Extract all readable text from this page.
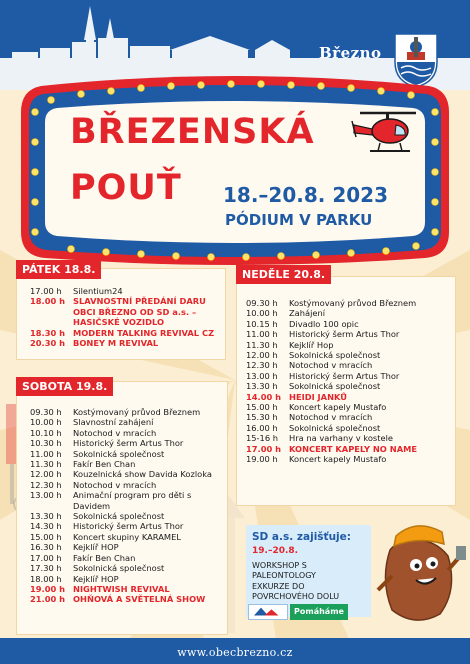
Březno
BŘEZENSKÁ
POUŤ 18.–20.8. 2023
PÓDIUM V PARKU
PÁTEK 18.8.
17.00 h	Silentium24
18.00 h SLAVNOSTNÍ PŘEDÁNÍ DARU OBCI BŘEZNO OD SD a.s. – HASIČSKÉ VOZIDLO
18.30 h MODERN TALKING REVIVAL CZ
20.30 h BONEY M REVIVAL
SOBOTA 19.8.
09.30 h	Kostýmovaný průvod Březnem
10.00 h	Slavnostní zahájení
10.10 h	Notochod v mracích
10.30 h	Historický šerm Artus Thor
11.00 h	Sokolnická společnost
11.30 h	Fakír Ben Chan
12.00 h	Kouzelnická show Davida Kozloka
12.30 h	Notochod v mracích
13.00 h	Animační program pro děti s Davidem
13.30 h	Sokolnická společnost
14.30 h	Historický šerm Artus Thor
15.00 h	Koncert skupiny KARAMEL
16.30 h	Kejklíř HOP
17.00 h	Fakír Ben Chan
17.30 h	Sokolnická společnost
18.00 h	Kejklíř HOP
19.00 h NIGHTWISH REVIVAL
21.00 h OHŇOVÁ A SVĚTELNÁ SHOW
NEDĚLE 20.8.
09.30 h	Kostýmovaný průvod Březnem
10.00 h	Zahájení
10.15 h	Divadlo 100 opic
11.00 h	Historický šerm Artus Thor
11.30 h	Kejklíř Hop
12.00 h	Sokolnická společnost
12.30 h	Notochod v mracích
13.00 h	Historický šerm Artus Thor
13.30 h	Sokolnická společnost
14.00 h HEIDI JANKŮ
15.00 h	Koncert kapely Mustafo
15.30 h	Notochod v mracích
16.00 h	Sokolnická společnost
15-16 h	Hra na varhany v kostele
17.00 h KONCERT KAPELY NO NAME
19.00 h	Koncert kapely Mustafo
SD a.s. zajišťuje:
19.–20.8.
WORKSHOP S PALEONTOLOGY
EXKURZE DO POVRCHOVÉHO DOLU
Pomáháme
www.obecbrezno.cz
